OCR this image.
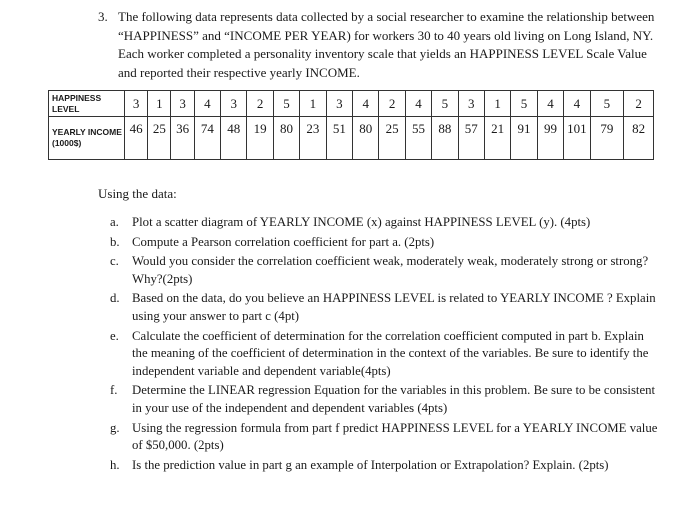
3. The following data represents data collected by a social researcher to examine the relationship between “HAPPINESS” and “INCOME PER YEAR) for workers 30 to 40 years old living on Long Island, NY. Each worker completed a personality inventory scale that yields an HAPPINESS LEVEL Scale Value and reported their respective yearly INCOME.
HAPPINESS LEVEL	3	1	3	4	3	2	5	1	3	4	2	4	5	3	1	5	4	4	5	2
YEARLY INCOME (1000$)	46	25	36	74	48	19	80	23	51	80	25	55	88	57	21	91	99	101	79	82
Using the data:
a. Plot a scatter diagram of YEARLY INCOME (x) against HAPPINESS LEVEL (y). (4pts)
b. Compute a Pearson correlation coefficient for part a. (2pts)
c. Would you consider the correlation coefficient weak, moderately weak, moderately strong or strong? Why?(2pts)
d. Based on the data, do you believe an HAPPINESS LEVEL is related to YEARLY INCOME ? Explain using your answer to part c (4pt)
e. Calculate the coefficient of determination for the correlation coefficient computed in part b. Explain the meaning of the coefficient of determination in the context of the variables. Be sure to identify the independent variable and dependent variable(4pts)
f. Determine the LINEAR regression Equation for the variables in this problem. Be sure to be consistent in your use of the independent and dependent variables (4pts)
g. Using the regression formula from part f predict HAPPINESS LEVEL for a YEARLY INCOME value of $50,000. (2pts)
h. Is the prediction value in part g an example of Interpolation or Extrapolation? Explain. (2pts)
